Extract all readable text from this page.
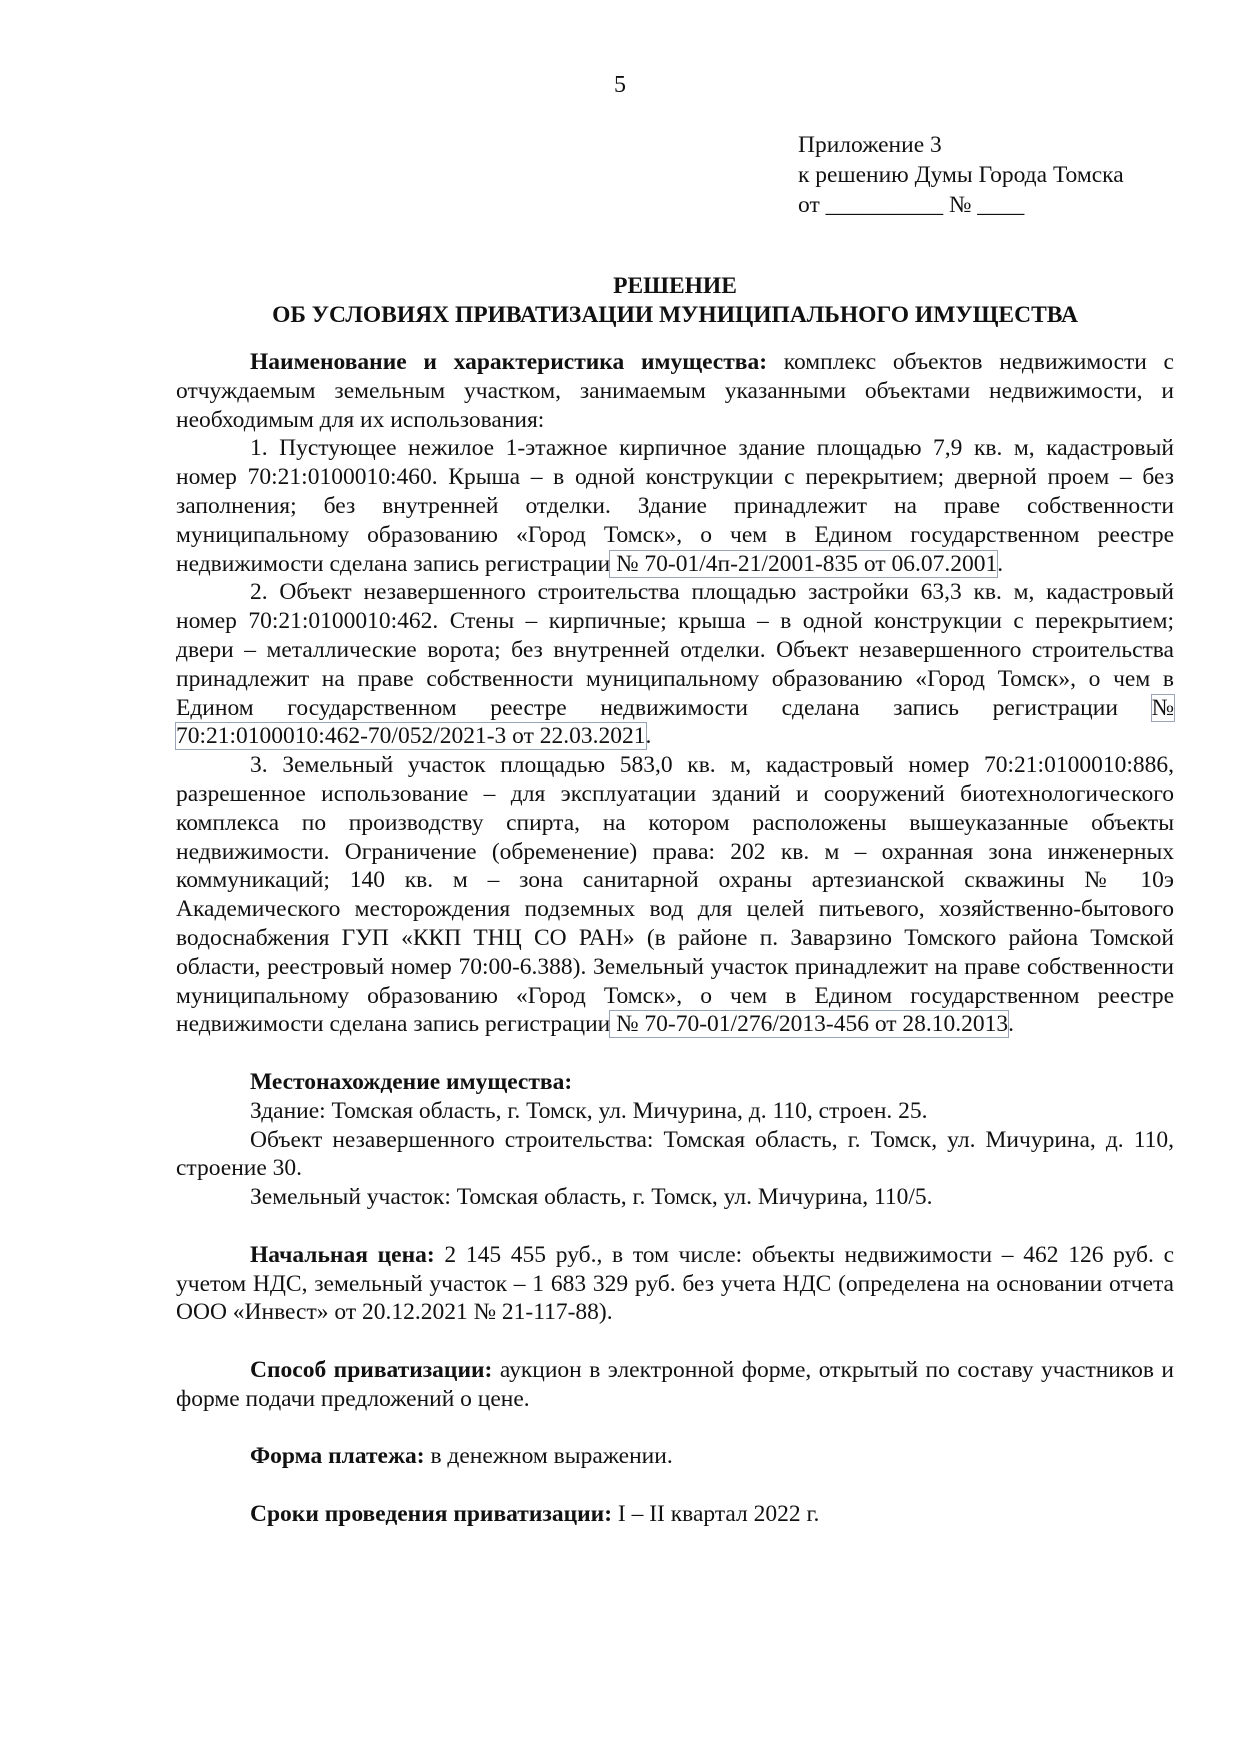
5
Приложение 3
к решению Думы Города Томска
от __________ № ____
РЕШЕНИЕ
ОБ УСЛОВИЯХ ПРИВАТИЗАЦИИ МУНИЦИПАЛЬНОГО ИМУЩЕСТВА

Наименование и характеристика имущества: комплекс объектов недвижимости с отчуждаемым земельным участком, занимаемым указанными объектами недвижимости, и необходимым для их использования:

1. Пустующее нежилое 1-этажное кирпичное здание площадью 7,9 кв. м, кадастровый номер 70:21:0100010:460. Крыша – в одной конструкции с перекрытием; дверной проем – без заполнения; без внутренней отделки. Здание принадлежит на праве собственности муниципальному образованию «Город Томск», о чем в Едином государственном реестре недвижимости сделана запись регистрации № 70-01/4п-21/2001-835 от 06.07.2001.

2. Объект незавершенного строительства площадью застройки 63,3 кв. м, кадастровый номер 70:21:0100010:462. Стены – кирпичные; крыша – в одной конструкции с перекрытием; двери – металлические ворота; без внутренней отделки. Объект незавершенного строительства принадлежит на праве собственности муниципальному образованию «Город Томск», о чем в Едином государственном реестре недвижимости сделана запись регистрации № 70:21:0100010:462-70/052/2021-3 от 22.03.2021.

3. Земельный участок площадью 583,0 кв. м, кадастровый номер 70:21:0100010:886, разрешенное использование – для эксплуатации зданий и сооружений биотехнологического комплекса по производству спирта, на котором расположены вышеуказанные объекты недвижимости. Ограничение (обременение) права: 202 кв. м – охранная зона инженерных коммуникаций; 140 кв. м – зона санитарной охраны артезианской скважины № 10э Академического месторождения подземных вод для целей питьевого, хозяйственно-бытового водоснабжения ГУП «ККП ТНЦ СО РАН» (в районе п. Заварзино Томского района Томской области, реестровый номер 70:00-6.388). Земельный участок принадлежит на праве собственности муниципальному образованию «Город Томск», о чем в Едином государственном реестре недвижимости сделана запись регистрации № 70-70-01/276/2013-456 от 28.10.2013.

Местонахождение имущества:

Здание: Томская область, г. Томск, ул. Мичурина, д. 110, строен. 25.

Объект незавершенного строительства: Томская область, г. Томск, ул. Мичурина, д. 110, строение 30.

Земельный участок: Томская область, г. Томск, ул. Мичурина, 110/5.

Начальная цена: 2 145 455 руб., в том числе: объекты недвижимости – 462 126 руб. с учетом НДС, земельный участок – 1 683 329 руб. без учета НДС (определена на основании отчета ООО «Инвест» от 20.12.2021 № 21-117-88).

Способ приватизации: аукцион в электронной форме, открытый по составу участников и форме подачи предложений о цене.

Форма платежа: в денежном выражении.

Сроки проведения приватизации: I – II квартал 2022 г.
